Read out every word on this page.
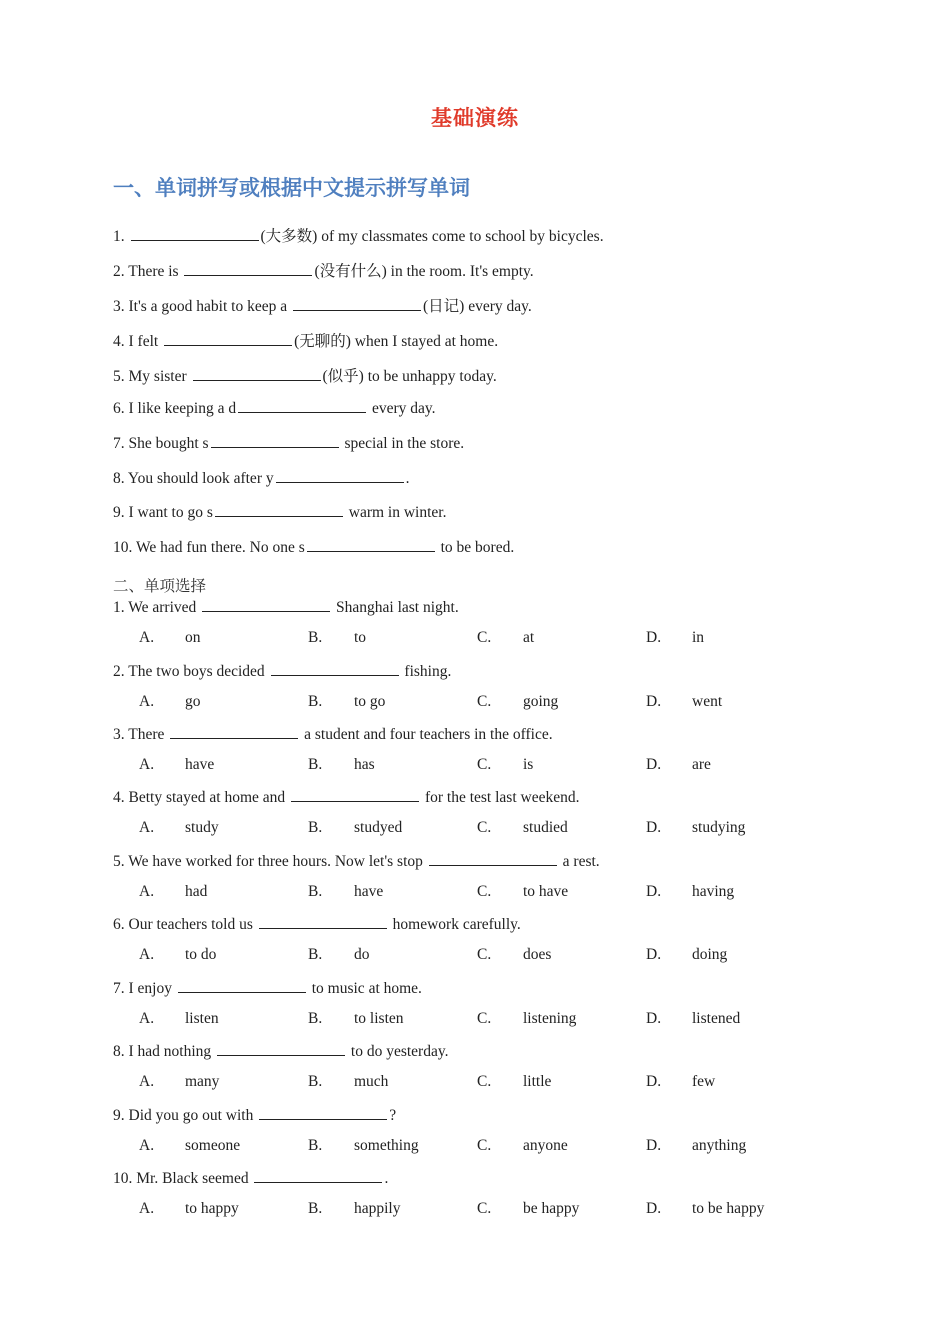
基础演练
一、单词拼写或根据中文提示拼写单词
1.	(大多数) of my classmates come to school by bicycles.
2. There is	(没有什么) in the room. It's empty.
3. It's a good habit to keep a	(日记) every day.
4. I felt	(无聊的) when I stayed at home.
5. My sister	(似乎) to be unhappy today.
6. I like keeping a d	every day.
7. She bought s	special in the store.
8. You should look after y	.
9. I want to go s	warm in winter.
10. We had fun there. No one s	to be bored.
二、单项选择
1. We arrived	Shanghai last night.
A. on	B. to	C. at	D. in
2. The two boys decided	fishing.
A. go	B. to go	C. going	D. went
3. There	a student and four teachers in the office.
A. have	B. has	C. is	D. are
4. Betty stayed at home and	for the test last weekend.
A. study	B. studyed	C. studied	D. studying
5. We have worked for three hours. Now let's stop	a rest.
A. had	B. have	C. to have	D. having
6. Our teachers told us	homework carefully.
A. to do	B. do	C. does	D. doing
7. I enjoy	to music at home.
A. listen	B. to listen	C. listening	D. listened
8. I had nothing	to do yesterday.
A. many	B. much	C. little	D. few
9. Did you go out with	?
A. someone	B. something	C. anyone	D. anything
10. Mr. Black seemed	.
A. to happy	B. happily	C. be happy	D. to be happy
